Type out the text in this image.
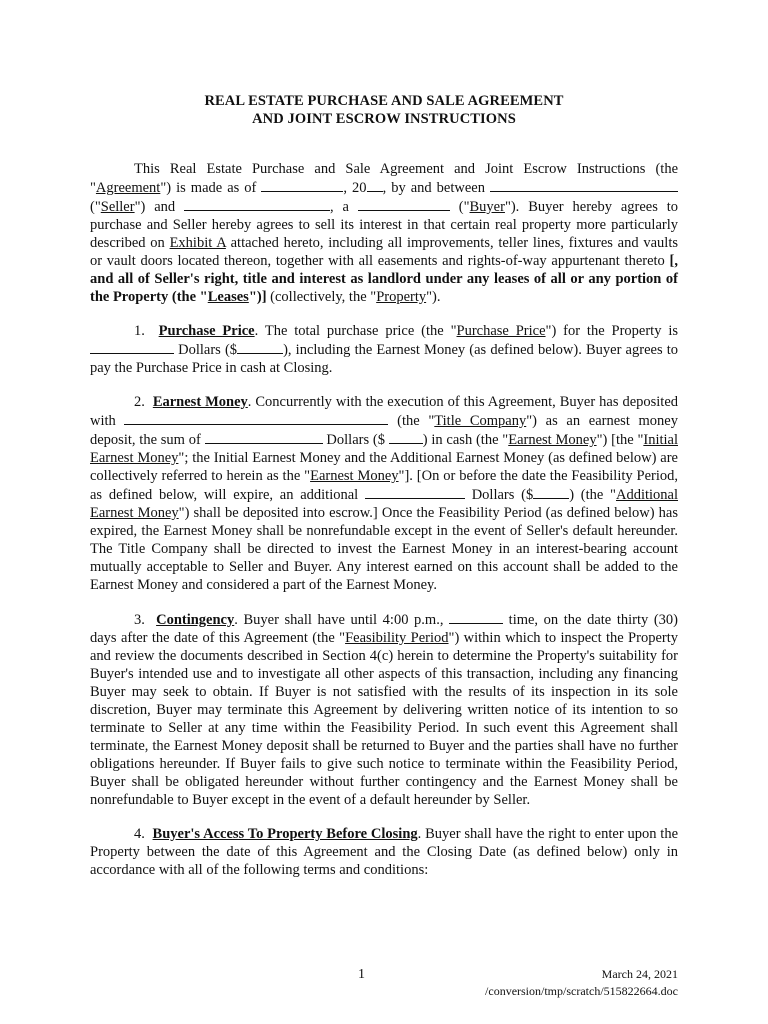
REAL ESTATE PURCHASE AND SALE AGREEMENT
AND JOINT ESCROW INSTRUCTIONS

This Real Estate Purchase and Sale Agreement and Joint Escrow Instructions (the "Agreement") is made as of	, 20 , by and between  ("Seller") and	, a	("Buyer"). Buyer hereby agrees to purchase and Seller hereby agrees to sell its interest in that certain real property more particularly described on Exhibit A attached hereto, including all improvements, teller lines, fixtures and vaults or vault doors located thereon, together with all easements and rights-of-way appurtenant thereto [, and all of Seller's right, title and interest as landlord under any leases of all or any portion of the Property (the "Leases")] (collectively, the "Property").

1. Purchase Price. The total purchase price (the "Purchase Price") for the Property is  Dollars ($	), including the Earnest Money (as defined below). Buyer agrees to pay the Purchase Price in cash at Closing.

2. Earnest Money. Concurrently with the execution of this Agreement, Buyer has deposited with	(the "Title Company") as an earnest money deposit, the sum of	Dollars ($ ) in cash (the "Earnest Money") [the "Initial Earnest Money"; the Initial Earnest Money and the Additional Earnest Money (as defined below) are collectively referred to herein as the "Earnest Money"]. [On or before the date the Feasibility Period, as defined below, will expire, an additional	Dollars ($ ) (the "Additional Earnest Money") shall be deposited into escrow.] Once the Feasibility Period (as defined below) has expired, the Earnest Money shall be nonrefundable except in the event of Seller's default hereunder. The Title Company shall be directed to invest the Earnest Money in an interest-bearing account mutually acceptable to Seller and Buyer. Any interest earned on this account shall be added to the Earnest Money and considered a part of the Earnest Money.

3. Contingency. Buyer shall have until 4:00 p.m.,	time, on the date thirty (30) days after the date of this Agreement (the "Feasibility Period") within which to inspect the Property and review the documents described in Section 4(c) herein to determine the Property's suitability for Buyer's intended use and to investigate all other aspects of this transaction, including any financing Buyer may seek to obtain. If Buyer is not satisfied with the results of its inspection in its sole discretion, Buyer may terminate this Agreement by delivering written notice of its intention to so terminate to Seller at any time within the Feasibility Period. In such event this Agreement shall terminate, the Earnest Money deposit shall be returned to Buyer and the parties shall have no further obligations hereunder. If Buyer fails to give such notice to terminate within the Feasibility Period, Buyer shall be obligated hereunder without further contingency and the Earnest Money shall be nonrefundable to Buyer except in the event of a default hereunder by Seller.

4. Buyer's Access To Property Before Closing. Buyer shall have the right to enter upon the Property between the date of this Agreement and the Closing Date (as defined below) only in accordance with all of the following terms and conditions:

1	March 24, 2021
/conversion/tmp/scratch/515822664.doc
